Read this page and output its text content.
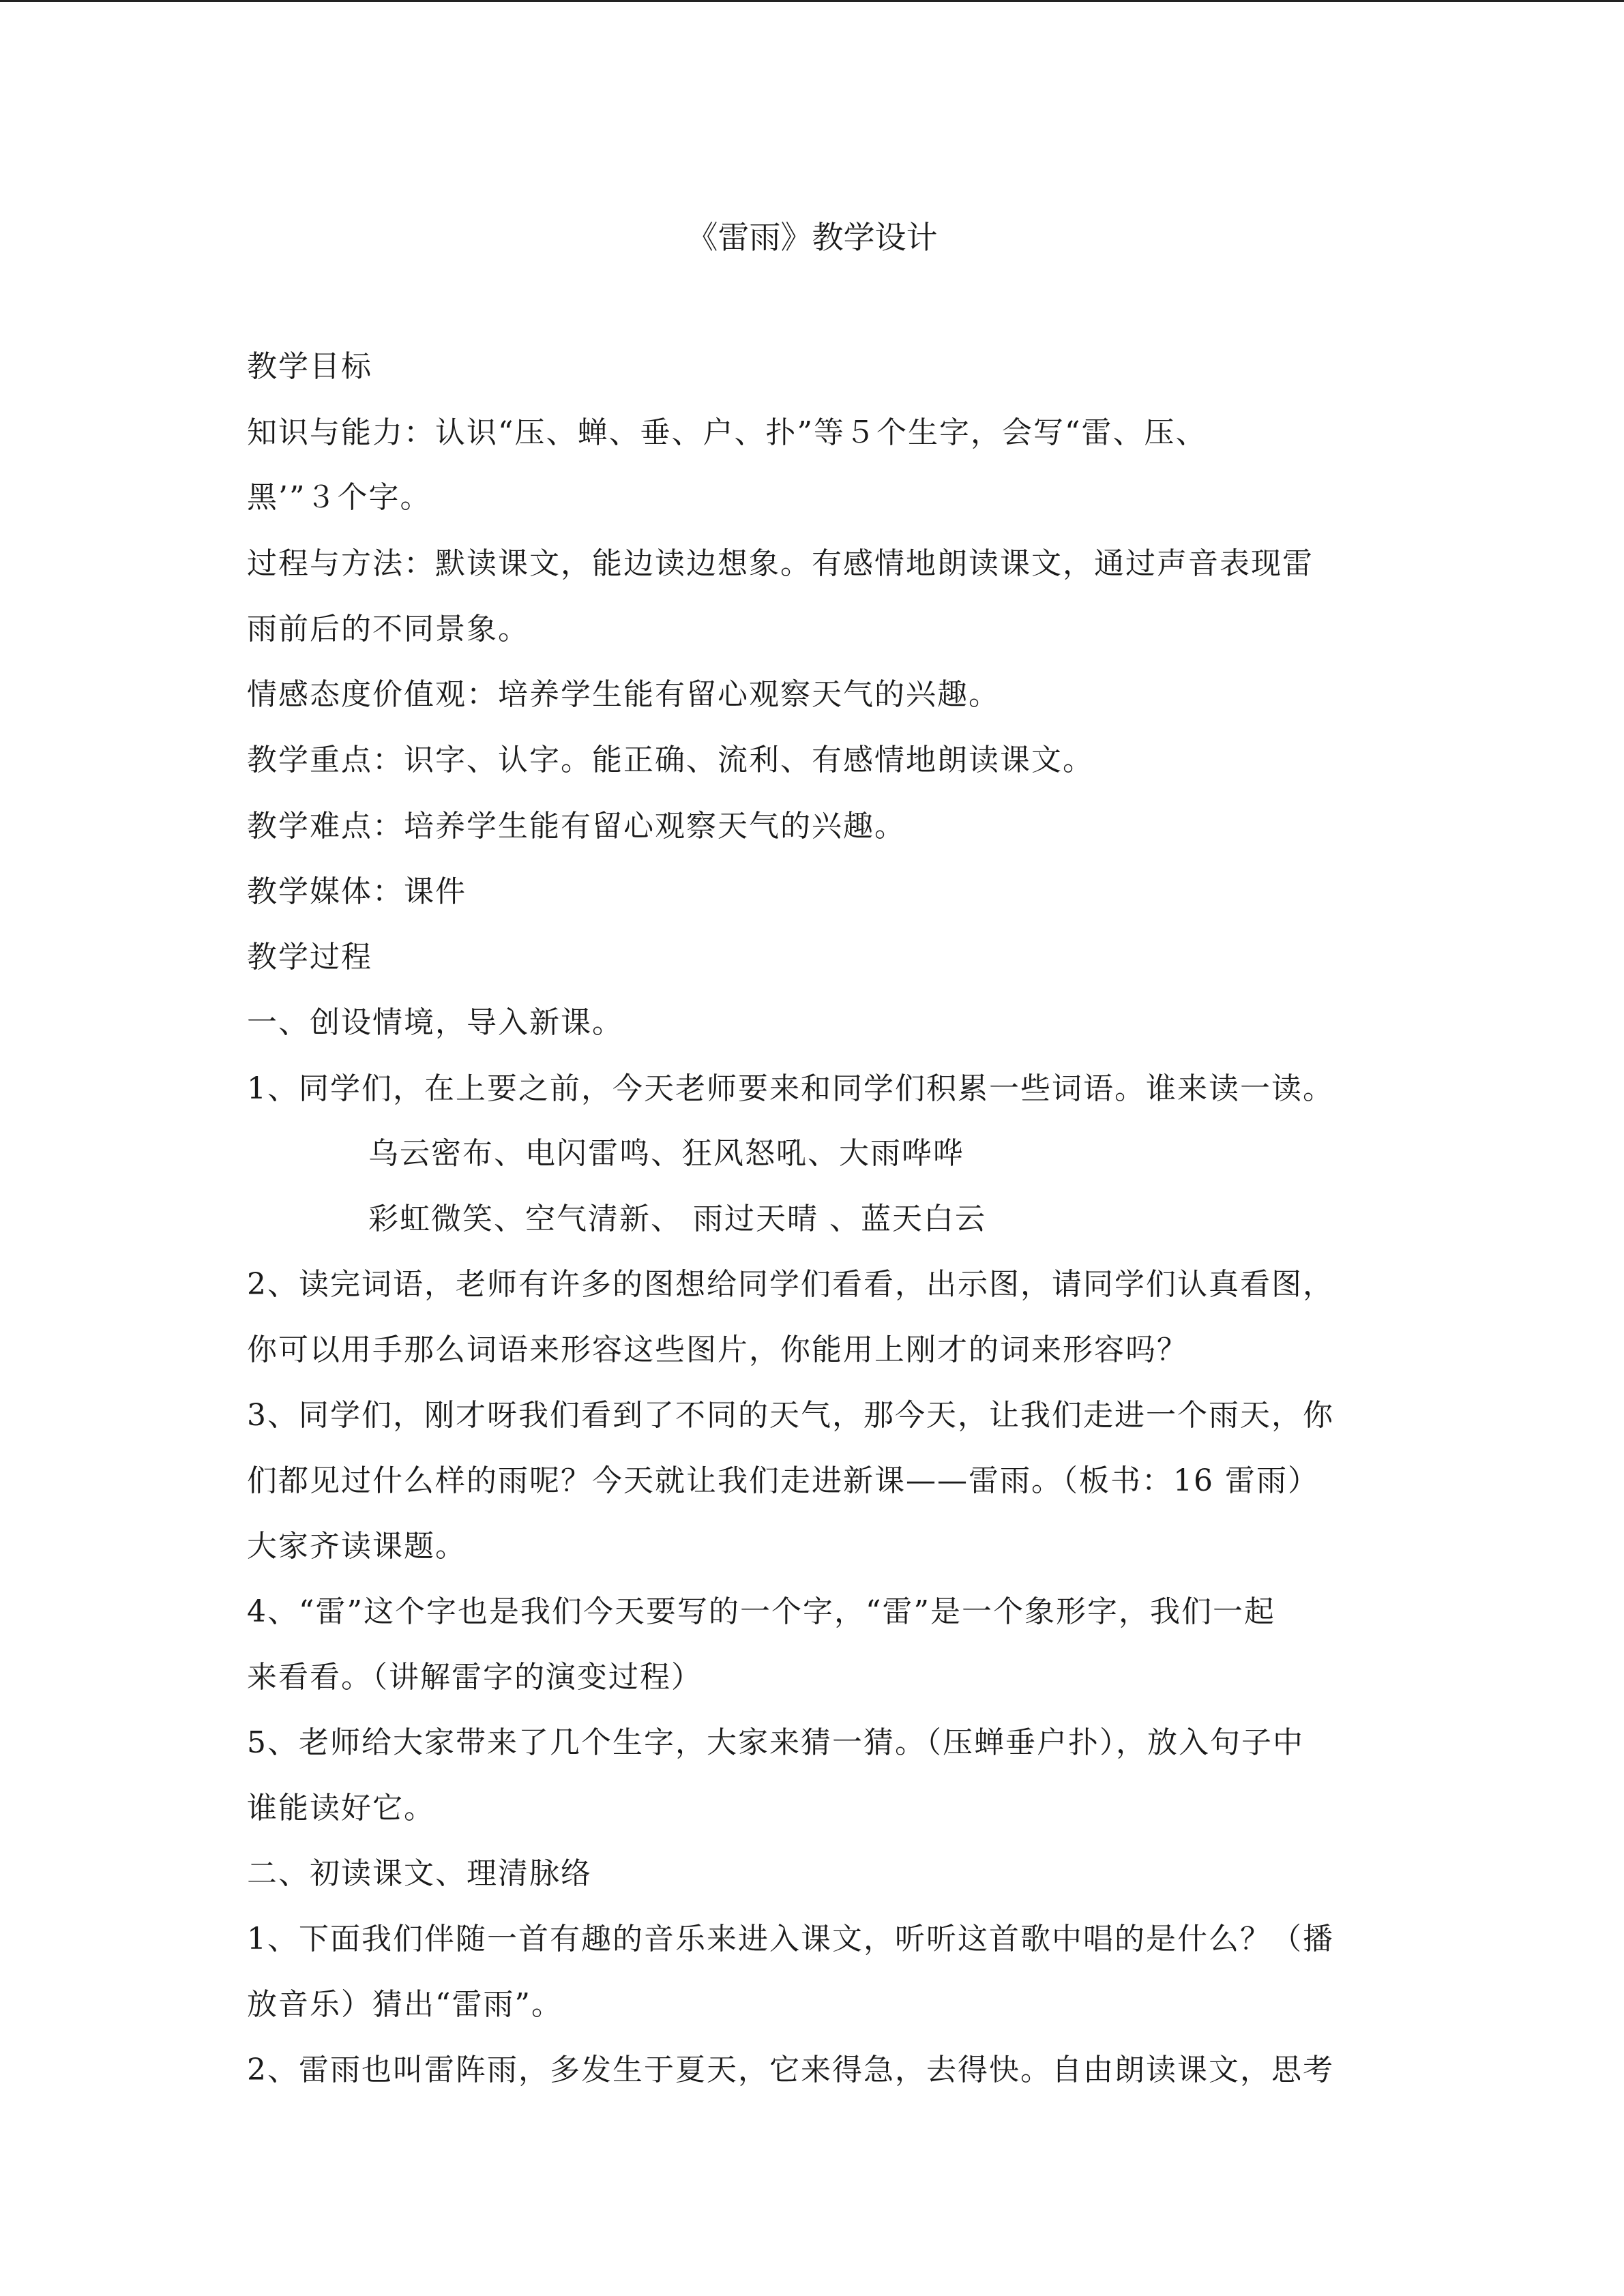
《雷雨》教学设计
教学目标
知识与能力：认识“压、蝉、垂、户、扑”等５个生字，会写“雷、压、
黑’”３个字。
过程与方法：默读课文，能边读边想象。有感情地朗读课文，通过声音表现雷
雨前后的不同景象。
情感态度价值观：培养学生能有留心观察天气的兴趣。
教学重点：识字、认字。能正确、流利、有感情地朗读课文。
教学难点：培养学生能有留心观察天气的兴趣。
教学媒体：课件
教学过程
一、创设情境，导入新课。
1、同学们，在上要之前，今天老师要来和同学们积累一些词语。谁来读一读。
乌云密布、电闪雷鸣、狂风怒吼、大雨哗哗
彩虹微笑、空气清新、 雨过天晴 、蓝天白云
2、读完词语，老师有许多的图想给同学们看看，出示图，请同学们认真看图，
你可以用手那么词语来形容这些图片，你能用上刚才的词来形容吗？
3、同学们，刚才呀我们看到了不同的天气，那今天，让我们走进一个雨天，你
们都见过什么样的雨呢？今天就让我们走进新课——雷雨。（板书：16 雷雨）
大家齐读课题。
4、“雷”这个字也是我们今天要写的一个字，“雷”是一个象形字，我们一起
来看看。（讲解雷字的演变过程）
5、老师给大家带来了几个生字，大家来猜一猜。（压蝉垂户扑），放入句子中
谁能读好它。
二、初读课文、理清脉络
1、下面我们伴随一首有趣的音乐来进入课文，听听这首歌中唱的是什么？（播
放音乐）猜出“雷雨”。
2、雷雨也叫雷阵雨，多发生于夏天，它来得急，去得快。自由朗读课文，思考
